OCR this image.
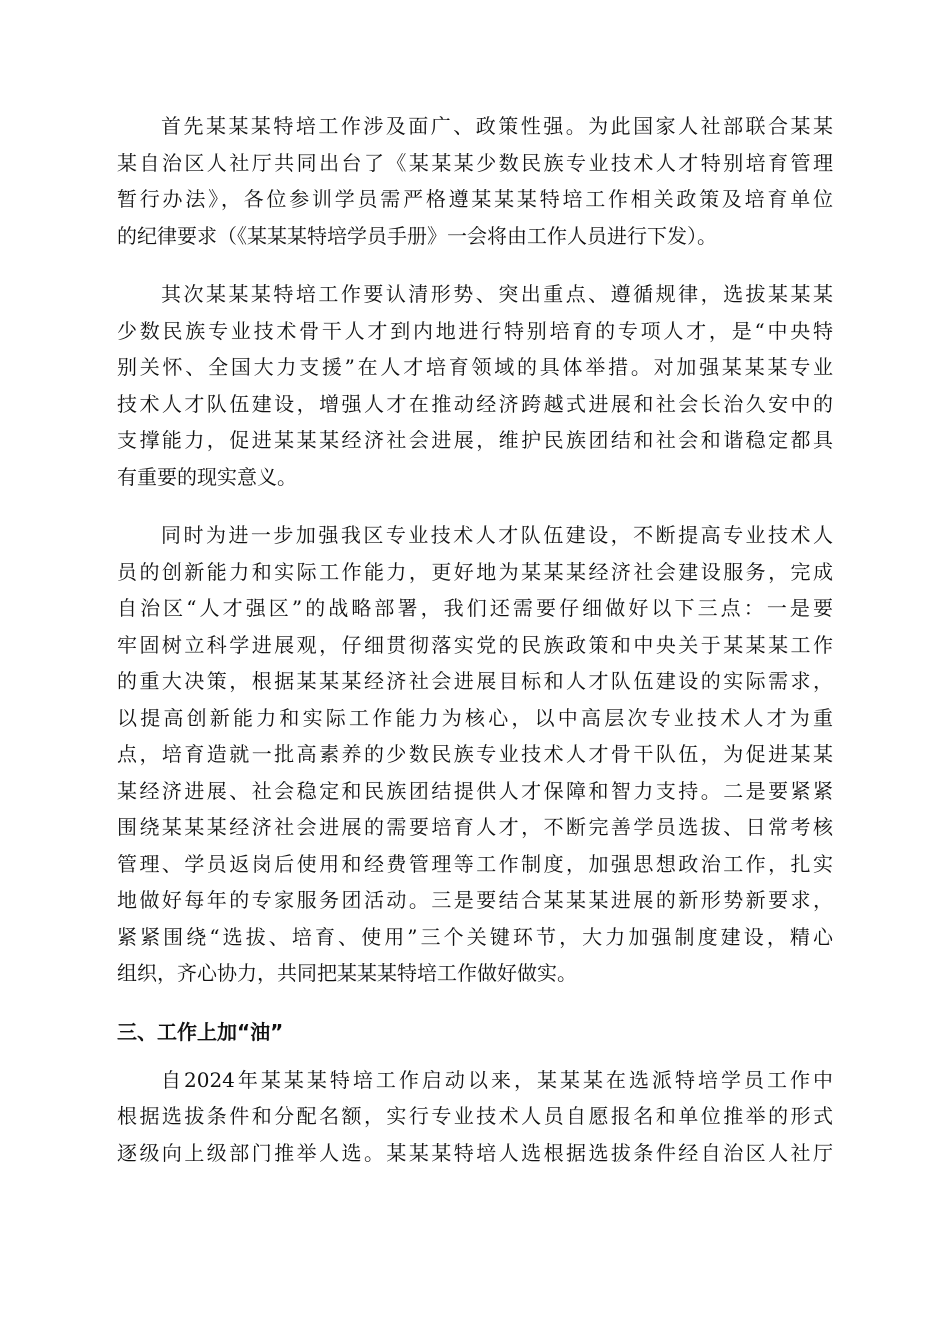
首先某某某特培工作涉及面广、政策性强。为此国家人社部联合某某
某自治区人社厅共同出台了《某某某少数民族专业技术人才特别培育管理
暂行办法》，各位参训学员需严格遵某某某特培工作相关政策及培育单位
的纪律要求（《某某某特培学员手册》一会将由工作人员进行下发）。

其次某某某特培工作要认清形势、突出重点、遵循规律，选拔某某某
少数民族专业技术骨干人才到内地进行特别培育的专项人才，是“中央特
别关怀、全国大力支援”在人才培育领域的具体举措。对加强某某某专业
技术人才队伍建设，增强人才在推动经济跨越式进展和社会长治久安中的
支撑能力，促进某某某经济社会进展，维护民族团结和社会和谐稳定都具
有重要的现实意义。

同时为进一步加强我区专业技术人才队伍建设，不断提高专业技术人
员的创新能力和实际工作能力，更好地为某某某经济社会建设服务，完成
自治区“人才强区”的战略部署，我们还需要仔细做好以下三点：一是要
牢固树立科学进展观，仔细贯彻落实党的民族政策和中央关于某某某工作
的重大决策，根据某某某经济社会进展目标和人才队伍建设的实际需求，
以提高创新能力和实际工作能力为核心，以中高层次专业技术人才为重
点，培育造就一批高素养的少数民族专业技术人才骨干队伍，为促进某某
某经济进展、社会稳定和民族团结提供人才保障和智力支持。二是要紧紧
围绕某某某经济社会进展的需要培育人才，不断完善学员选拔、日常考核
管理、学员返岗后使用和经费管理等工作制度，加强思想政治工作，扎实
地做好每年的专家服务团活动。三是要结合某某某进展的新形势新要求，
紧紧围绕“选拔、培育、使用”三个关键环节，大力加强制度建设，精心
组织，齐心协力，共同把某某某特培工作做好做实。

三、工作上加“油”

自2024年某某某特培工作启动以来，某某某在选派特培学员工作中
根据选拔条件和分配名额，实行专业技术人员自愿报名和单位推举的形式
逐级向上级部门推举人选。某某某特培人选根据选拔条件经自治区人社厅
